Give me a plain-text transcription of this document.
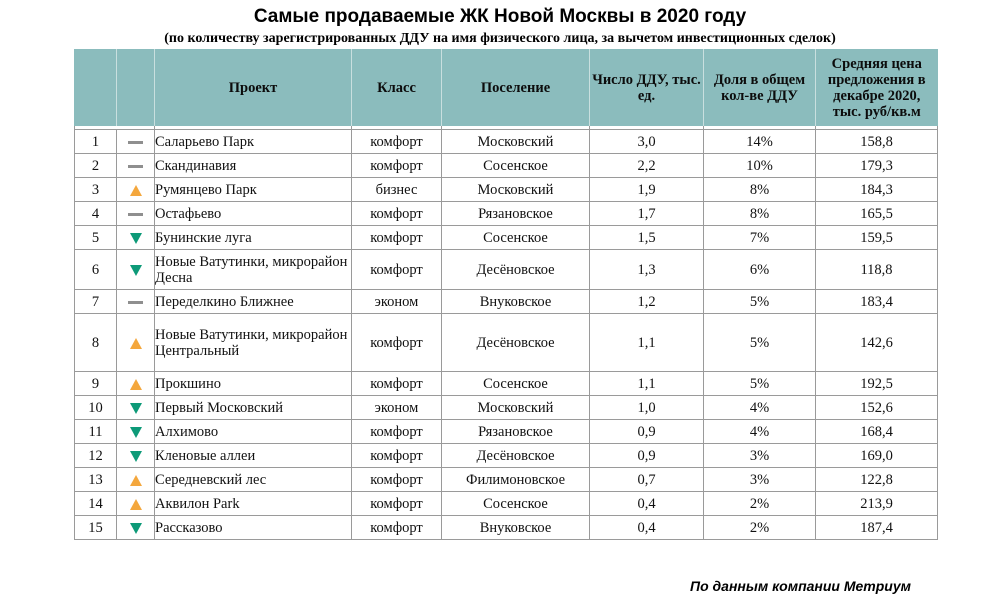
Самые продаваемые ЖК Новой Москвы в 2020 году
(по количеству зарегистрированных ДДУ на имя физического лица, за вычетом инвестиционных сделок)
		Проект	Класс	Поселение	Число ДДУ, тыс. ед.	Доля в общем кол-ве ДДУ	Средняя цена предложения в декабре 2020, тыс. руб/кв.м

1		Саларьево Парк	комфорт	Московский	3,0	14%	158,8
2		Скандинавия	комфорт	Сосенское	2,2	10%	179,3
3		Румянцево Парк	бизнес	Московский	1,9	8%	184,3
4		Остафьево	комфорт	Рязановское	1,7	8%	165,5
5		Бунинские луга	комфорт	Сосенское	1,5	7%	159,5
6		Новые Ватутинки, микрорайон Десна	комфорт	Десёновское	1,3	6%	118,8
7		Переделкино Ближнее	эконом	Внуковское	1,2	5%	183,4
8		Новые Ватутинки, микрорайон Центральный	комфорт	Десёновское	1,1	5%	142,6
9		Прокшино	комфорт	Сосенское	1,1	5%	192,5
10		Первый Московский	эконом	Московский	1,0	4%	152,6
11		Алхимово	комфорт	Рязановское	0,9	4%	168,4
12		Кленовые аллеи	комфорт	Десёновское	0,9	3%	169,0
13		Середневский лес	комфорт	Филимоновское	0,7	3%	122,8
14		Аквилон Park	комфорт	Сосенское	0,4	2%	213,9
15		Рассказово	комфорт	Внуковское	0,4	2%	187,4
По данным компании Метриум
